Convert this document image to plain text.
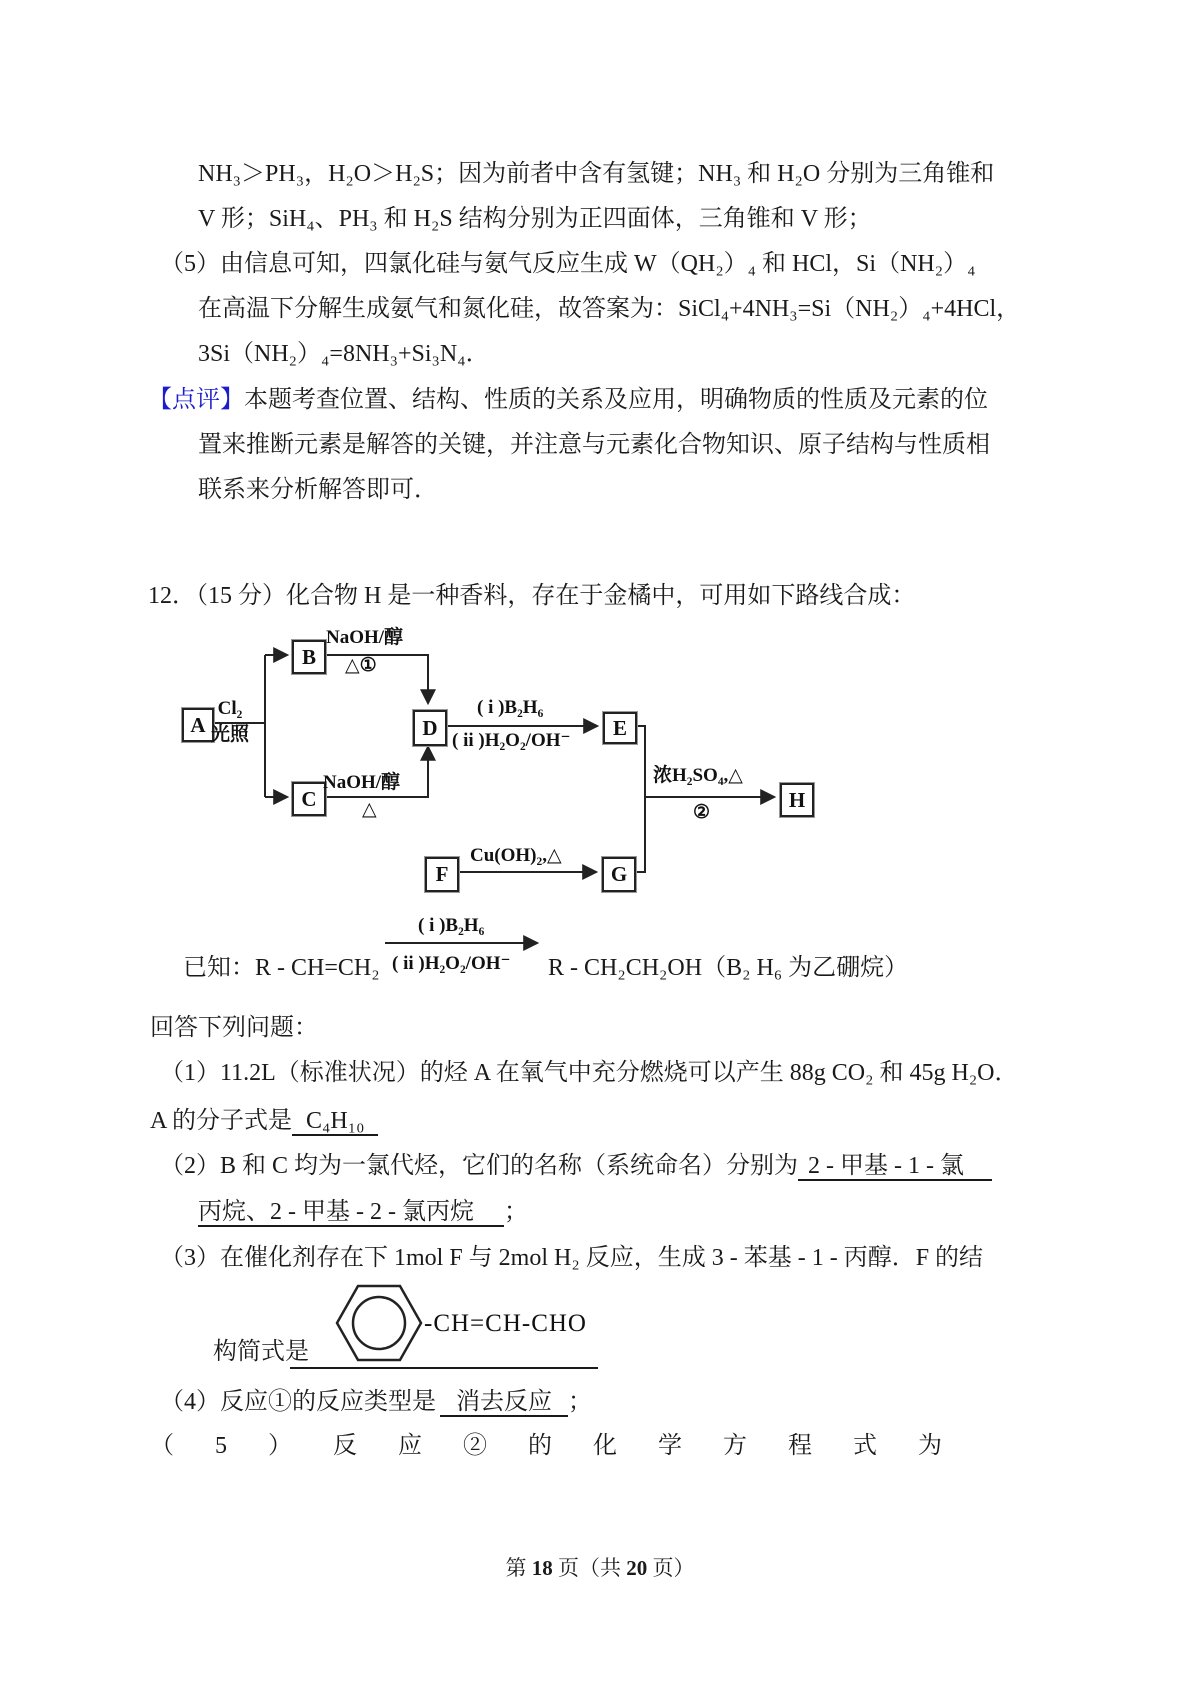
NH₃＞PH₃，H₂O＞H₂S；因为前者中含有氢键；NH₃ 和 H₂O 分别为三角锥和
V 形；SiH₄、PH₃ 和 H₂S 结构分别为正四面体，三角锥和 V 形；
（5）由信息可知，四氯化硅与氨气反应生成 W（QH₂）₄ 和 HCl，Si（NH₂）₄
在高温下分解生成氨气和氮化硅，故答案为：SiCl₄+4NH₃=Si（NH₂）₄+4HCl，
3Si（NH₂）₄=8NH₃+Si₃N₄．
【点评】本题考查位置、结构、性质的关系及应用，明确物质的性质及元素的位
置来推断元素是解答的关键，并注意与元素化合物知识、原子结构与性质相
联系来分析解答即可．
12．（15 分）化合物 H 是一种香料，存在于金橘中，可用如下路线合成：
A
B
C
D	E
F	G
H
Cl₂
光照
NaOH/醇
△①
NaOH/醇
△
( i )B₂H₆
( ii )H₂O₂/OH⁻
Cu(OH)₂,△
浓H₂SO₄,△
②
已知：R - CH=CH₂
( i )B₂H₆
( ii )H₂O₂/OH⁻ R - CH₂CH₂OH（B₂ H₆ 为乙硼烷）
回答下列问题：
（1）11.2L（标准状况）的烃 A 在氧气中充分燃烧可以产生 88g CO₂ 和 45g H₂O．
A 的分子式是 C₄H₁₀
（2）B 和 C 均为一氯代烃，它们的名称（系统命名）分别为 2 - 甲基 - 1 - 氯
丙烷、2 - 甲基 - 2 - 氯丙烷 ；
（3）在催化剂存在下 1mol F 与 2mol H₂ 反应，生成 3 - 苯基 - 1 - 丙醇．F 的结
-CH=CH-CHO
构简式是
（4）反应①的反应类型是 消去反应 ；
（ 5 ） 反 应 ② 的 化 学 方 程 式 为
第 18 页（共 20 页）
